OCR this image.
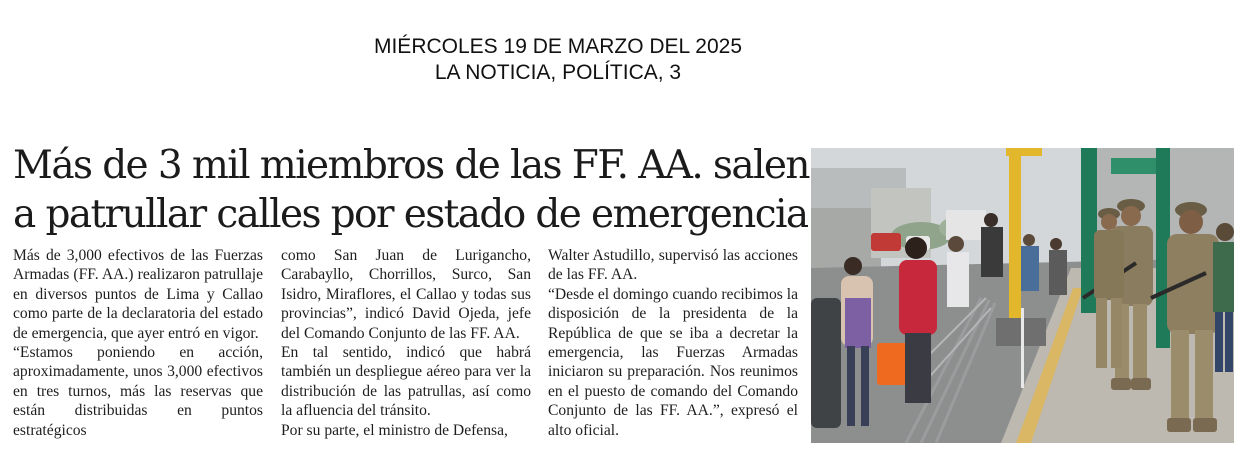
MIÉRCOLES 19 DE MARZO DEL 2025
LA NOTICIA, POLÍTICA, 3
Más de 3 mil miembros de las FF. AA. salen
a patrullar calles por estado de emergencia

Más de 3,000 efectivos de las Fuerzas Armadas (FF. AA.) realizaron patrullaje en diversos puntos de Lima y Callao como parte de la declaratoria del estado de emergencia, que ayer entró en vigor.

“Estamos poniendo en acción, aproximadamente, unos 3,000 efectivos en tres turnos, más las reservas que están distribuidas en puntos estratégicos

como San Juan de Lurigancho, Carabayllo, Chorrillos, Surco, San Isidro, Miraflores, el Callao y todas sus provincias”, indicó David Ojeda, jefe del Comando Conjunto de las FF. AA.

En tal sentido, indicó que habrá también un despliegue aéreo para ver la distribución de las patrullas, así como la afluencia del tránsito.

Por su parte, el ministro de Defensa,

Walter Astudillo, supervisó las acciones de las FF. AA.

“Desde el domingo cuando recibimos la disposición de la presidenta de la República de que se iba a decretar la emergencia, las Fuerzas Armadas iniciaron su preparación. Nos reunimos en el puesto de comando del Comando Conjunto de las FF. AA.”, expresó el alto oficial.
